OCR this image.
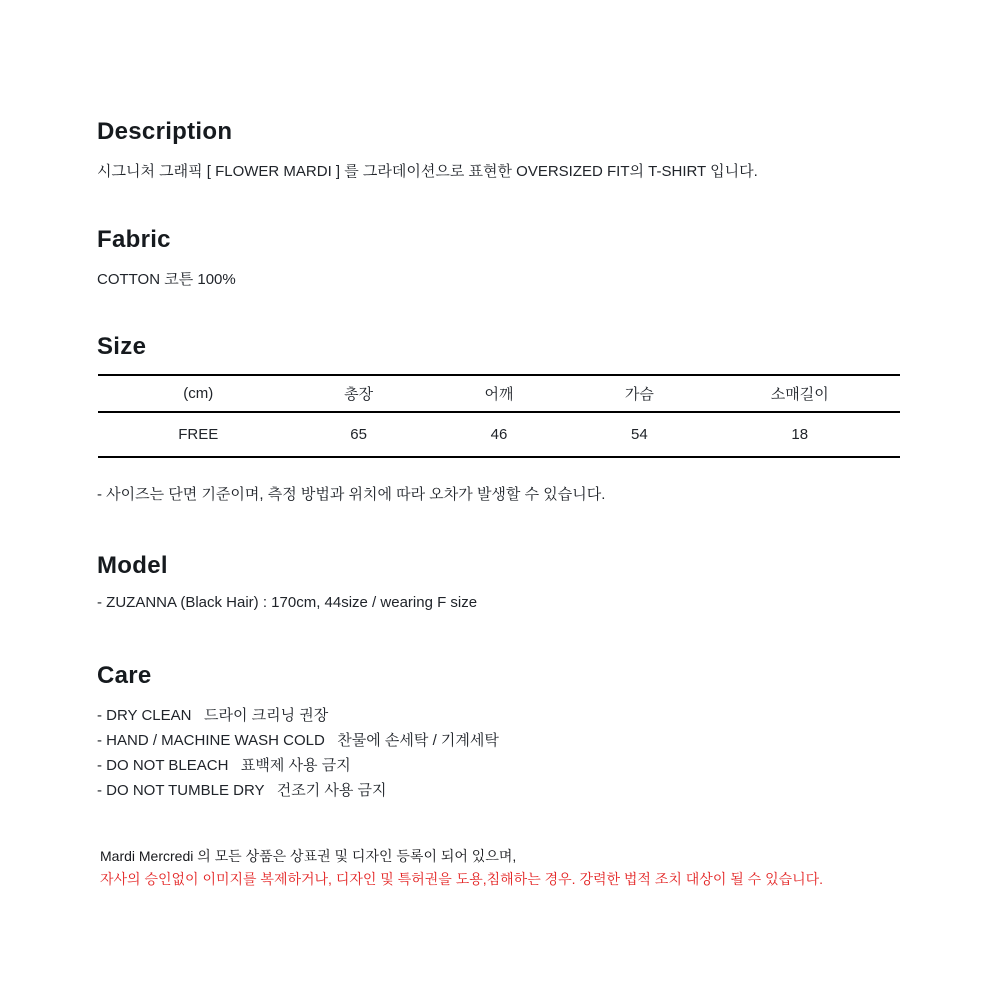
Description
시그니처 그래픽 [ FLOWER MARDI ] 를 그라데이션으로 표현한 OVERSIZED FIT의 T-SHIRT 입니다.
Fabric
COTTON 코튼 100%
Size
(cm)	총장	어깨	가슴	소매길이
FREE	65	46	54	18
- 사이즈는 단면 기준이며, 측정 방법과 위치에 따라 오차가 발생할 수 있습니다.
Model
- ZUZANNA (Black Hair) : 170cm, 44size / wearing F size
Care
- DRY CLEAN   드라이 크리닝 권장
- HAND / MACHINE WASH COLD   찬물에 손세탁 / 기계세탁
- DO NOT BLEACH   표백제 사용 금지
- DO NOT TUMBLE DRY   건조기 사용 금지
Mardi Mercredi 의 모든 상품은 상표권 및 디자인 등록이 되어 있으며,
자사의 승인없이 이미지를 복제하거나, 디자인 및 특허권을 도용,침해하는 경우. 강력한 법적 조치 대상이 될 수 있습니다.
